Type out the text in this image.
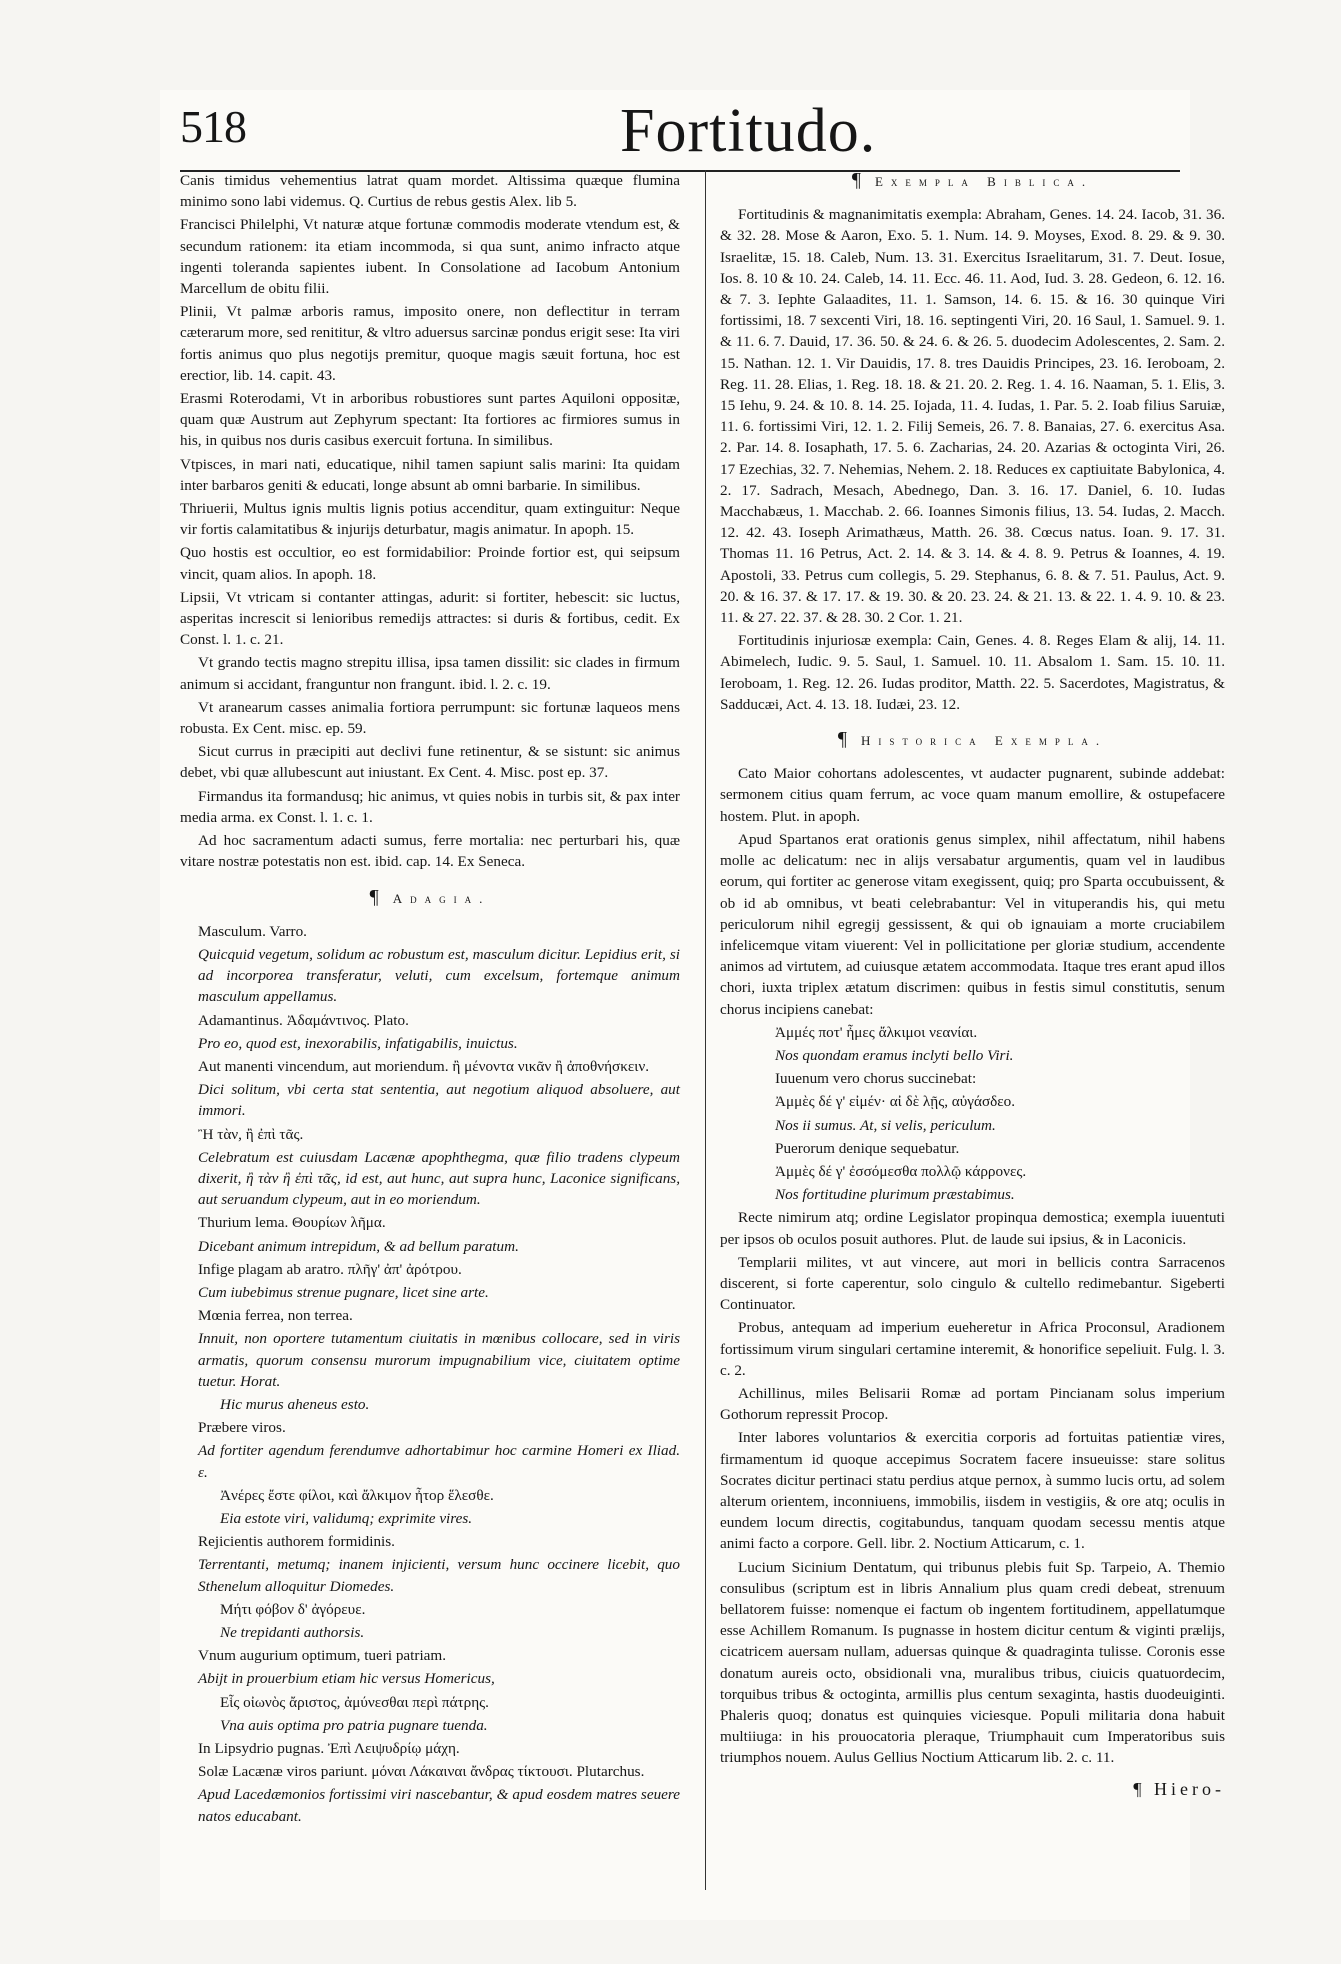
518	Fortitudo.

Canis timidus vehementius latrat quam mordet. Altissima quæque flumina minimo sono labi videmus. Q. Curtius de rebus gestis Alex. lib 5.

Francisci Philelphi, Vt naturæ atque fortunæ commodis moderate vtendum est, & secundum rationem: ita etiam incommoda, si qua sunt, animo infracto atque ingenti toleranda sapientes iubent. In Consolatione ad Iacobum Antonium Marcellum de obitu filii.

Plinii, Vt palmæ arboris ramus, imposito onere, non deflectitur in terram cæterarum more, sed renititur, & vltro aduersus sarcinæ pondus erigit sese: Ita viri fortis animus quo plus negotijs premitur, quoque magis sæuit fortuna, hoc est erectior, lib. 14. capit. 43.

Erasmi Roterodami, Vt in arboribus robustiores sunt partes Aquiloni oppositæ, quam quæ Austrum aut Zephyrum spectant: Ita fortiores ac firmiores sumus in his, in quibus nos duris casibus exercuit fortuna. In similibus.

Vtpisces, in mari nati, educatique, nihil tamen sapiunt salis marini: Ita quidam inter barbaros geniti & educati, longe absunt ab omni barbarie. In similibus.

Thriuerii, Multus ignis multis lignis potius accenditur, quam extinguitur: Neque vir fortis calamitatibus & injurijs deturbatur, magis animatur. In apoph. 15.

Quo hostis est occultior, eo est formidabilior: Proinde fortior est, qui seipsum vincit, quam alios. In apoph. 18.

Lipsii, Vt vtricam si contanter attingas, adurit: si fortiter, hebescit: sic luctus, asperitas increscit si lenioribus remedijs attractes: si duris & fortibus, cedit. Ex Const. l. 1. c. 21.

Vt grando tectis magno strepitu illisa, ipsa tamen dissilit: sic clades in firmum animum si accidant, franguntur non frangunt. ibid. l. 2. c. 19.

Vt aranearum casses animalia fortiora perrumpunt: sic fortunæ laqueos mens robusta. Ex Cent. misc. ep. 59.

Sicut currus in præcipiti aut declivi fune retinentur, & se sistunt: sic animus debet, vbi quæ allubescunt aut iniustant. Ex Cent. 4. Misc. post ep. 37.

Firmandus ita formandusq; hic animus, vt quies nobis in turbis sit, & pax inter media arma. ex Const. l. 1. c. 1.

Ad hoc sacramentum adacti sumus, ferre mortalia: nec perturbari his, quæ vitare nostræ potestatis non est. ibid. cap. 14. Ex Seneca.

¶ Adagia.

Masculum. Varro.

Quicquid vegetum, solidum ac robustum est, masculum dicitur. Lepidius erit, si ad incorporea transferatur, veluti, cum excelsum, fortemque animum masculum appellamus.

Adamantinus. Ἀδαμάντινος. Plato.

Pro eo, quod est, inexorabilis, infatigabilis, inuictus.

Aut manenti vincendum, aut moriendum. ἢ μένοντα νικᾶν ἢ ἀποθνήσκειν.

Dici solitum, vbi certa stat sententia, aut negotium aliquod absoluere, aut immori.

Ἢ τὰν, ἢ ἐπὶ τᾶς.

Celebratum est cuiusdam Lacænæ apophthegma, quæ filio tradens clypeum dixerit, ἢ τὰν ἢ ἐπὶ τᾶς, id est, aut hunc, aut supra hunc, Laconice significans, aut seruandum clypeum, aut in eo moriendum.

Thurium lema. Θουρίων λῆμα.

Dicebant animum intrepidum, & ad bellum paratum.

Infige plagam ab aratro. πλῆγ' ἀπ' ἀρότρου.

Cum iubebimus strenue pugnare, licet sine arte.

Mœnia ferrea, non terrea.

Innuit, non oportere tutamentum ciuitatis in mœnibus collocare, sed in viris armatis, quorum consensu murorum impugnabilium vice, ciuitatem optime tuetur. Horat.

Hic murus aheneus esto.

Præbere viros.

Ad fortiter agendum ferendumve adhortabimur hoc carmine Homeri ex Iliad. ε.

Ἀνέρες ἔστε φίλοι, καὶ ἄλκιμον ἦτορ ἕλεσθε.

Eia estote viri, validumq; exprimite vires.

Rejicientis authorem formidinis.

Terrentanti, metumq; inanem injicienti, versum hunc occinere licebit, quo Sthenelum alloquitur Diomedes.

Μήτι φόβον δ' ἀγόρευε.

Ne trepidanti authorsis.

Vnum augurium optimum, tueri patriam.

Abijt in prouerbium etiam hic versus Homericus,

Εἷς οἰωνὸς ἄριστος, ἀμύνεσθαι περὶ πάτρης.

Vna auis optima pro patria pugnare tuenda.

In Lipsydrio pugnas. Ἐπὶ Λειψυδρίῳ μάχη.

Solæ Lacænæ viros pariunt. μόναι Λάκαιναι ἄνδρας τίκτουσι. Plutarchus.

Apud Lacedæmonios fortissimi viri nascebantur, & apud eosdem matres seuere natos educabant.

¶ Exempla Biblica.

Fortitudinis & magnanimitatis exempla: Abraham, Genes. 14. 24. Iacob, 31. 36. & 32. 28. Mose & Aaron, Exo. 5. 1. Num. 14. 9. Moyses, Exod. 8. 29. & 9. 30. Israelitæ, 15. 18. Caleb, Num. 13. 31. Exercitus Israelitarum, 31. 7. Deut. Iosue, Ios. 8. 10 & 10. 24. Caleb, 14. 11. Ecc. 46. 11. Aod, Iud. 3. 28. Gedeon, 6. 12. 16. & 7. 3. Iephte Galaadites, 11. 1. Samson, 14. 6. 15. & 16. 30 quinque Viri fortissimi, 18. 7 sexcenti Viri, 18. 16. septingenti Viri, 20. 16 Saul, 1. Samuel. 9. 1. & 11. 6. 7. Dauid, 17. 36. 50. & 24. 6. & 26. 5. duodecim Adolescentes, 2. Sam. 2. 15. Nathan. 12. 1. Vir Dauidis, 17. 8. tres Dauidis Principes, 23. 16. Ieroboam, 2. Reg. 11. 28. Elias, 1. Reg. 18. 18. & 21. 20. 2. Reg. 1. 4. 16. Naaman, 5. 1. Elis, 3. 15 Iehu, 9. 24. & 10. 8. 14. 25. Iojada, 11. 4. Iudas, 1. Par. 5. 2. Ioab filius Saruiæ, 11. 6. fortissimi Viri, 12. 1. 2. Filij Semeis, 26. 7. 8. Banaias, 27. 6. exercitus Asa. 2. Par. 14. 8. Iosaphath, 17. 5. 6. Zacharias, 24. 20. Azarias & octoginta Viri, 26. 17 Ezechias, 32. 7. Nehemias, Nehem. 2. 18. Reduces ex captiuitate Babylonica, 4. 2. 17. Sadrach, Mesach, Abednego, Dan. 3. 16. 17. Daniel, 6. 10. Iudas Macchabæus, 1. Macchab. 2. 66. Ioannes Simonis filius, 13. 54. Iudas, 2. Macch. 12. 42. 43. Ioseph Arimathæus, Matth. 26. 38. Cœcus natus. Ioan. 9. 17. 31. Thomas 11. 16 Petrus, Act. 2. 14. & 3. 14. & 4. 8. 9. Petrus & Ioannes, 4. 19. Apostoli, 33. Petrus cum collegis, 5. 29. Stephanus, 6. 8. & 7. 51. Paulus, Act. 9. 20. & 16. 37. & 17. 17. & 19. 30. & 20. 23. 24. & 21. 13. & 22. 1. 4. 9. 10. & 23. 11. & 27. 22. 37. & 28. 30. 2 Cor. 1. 21.

Fortitudinis injuriosæ exempla: Cain, Genes. 4. 8. Reges Elam & alij, 14. 11. Abimelech, Iudic. 9. 5. Saul, 1. Samuel. 10. 11. Absalom 1. Sam. 15. 10. 11. Ieroboam, 1. Reg. 12. 26. Iudas proditor, Matth. 22. 5. Sacerdotes, Magistratus, & Sadducæi, Act. 4. 13. 18. Iudæi, 23. 12.

¶ Historica Exempla.

Cato Maior cohortans adolescentes, vt audacter pugnarent, subinde addebat: sermonem citius quam ferrum, ac voce quam manum emollire, & ostupefacere hostem. Plut. in apoph.

Apud Spartanos erat orationis genus simplex, nihil affectatum, nihil habens molle ac delicatum: nec in alijs versabatur argumentis, quam vel in laudibus eorum, qui fortiter ac generose vitam exegissent, quiq; pro Sparta occubuissent, & ob id ab omnibus, vt beati celebrabantur: Vel in vituperandis his, qui metu periculorum nihil egregij gessissent, & qui ob ignauiam a morte cruciabilem infelicemque vitam viuerent: Vel in pollicitatione per gloriæ studium, accendente animos ad virtutem, ad cuiusque ætatem accommodata. Itaque tres erant apud illos chori, iuxta triplex ætatum discrimen: quibus in festis simul constitutis, senum chorus incipiens canebat:

Ἀμμές ποτ' ἦμες ἄλκιμοι νεανίαι.

Nos quondam eramus inclyti bello Viri.

Iuuenum vero chorus succinebat:

Ἀμμὲς δέ γ' εἰμέν· αἰ δὲ λῇς, αὐγάσδεο.

Nos ii sumus. At, si velis, periculum.

Puerorum denique sequebatur.

Ἀμμὲς δέ γ' ἐσσόμεσθα πολλῷ κάρρονες.

Nos fortitudine plurimum præstabimus.

Recte nimirum atq; ordine Legislator propinqua demostica; exempla iuuentuti per ipsos ob oculos posuit authores. Plut. de laude sui ipsius, & in Laconicis.

Templarii milites, vt aut vincere, aut mori in bellicis contra Sarracenos discerent, si forte caperentur, solo cingulo & cultello redimebantur. Sigeberti Continuator.

Probus, antequam ad imperium eueheretur in Africa Proconsul, Aradionem fortissimum virum singulari certamine interemit, & honorifice sepeliuit. Fulg. l. 3. c. 2.

Achillinus, miles Belisarii Romæ ad portam Pincianam solus imperium Gothorum repressit Procop.

Inter labores voluntarios & exercitia corporis ad fortuitas patientiæ vires, firmamentum id quoque accepimus Socratem facere insueuisse: stare solitus Socrates dicitur pertinaci statu perdius atque pernox, à summo lucis ortu, ad solem alterum orientem, inconniuens, immobilis, iisdem in vestigiis, & ore atq; oculis in eundem locum directis, cogitabundus, tanquam quodam secessu mentis atque animi facto a corpore. Gell. libr. 2. Noctium Atticarum, c. 1.

Lucium Sicinium Dentatum, qui tribunus plebis fuit Sp. Tarpeio, A. Themio consulibus (scriptum est in libris Annalium plus quam credi debeat, strenuum bellatorem fuisse: nomenque ei factum ob ingentem fortitudinem, appellatumque esse Achillem Romanum. Is pugnasse in hostem dicitur centum & viginti prælijs, cicatricem auersam nullam, aduersas quinque & quadraginta tulisse. Coronis esse donatum aureis octo, obsidionali vna, muralibus tribus, ciuicis quatuordecim, torquibus tribus & octoginta, armillis plus centum sexaginta, hastis duodeuiginti. Phaleris quoq; donatus est quinquies viciesque. Populi militaria dona habuit multiiuga: in his prouocatoria pleraque, Triumphauit cum Imperatoribus suis triumphos nouem. Aulus Gellius Noctium Atticarum lib. 2. c. 11.

¶ Hiero-
